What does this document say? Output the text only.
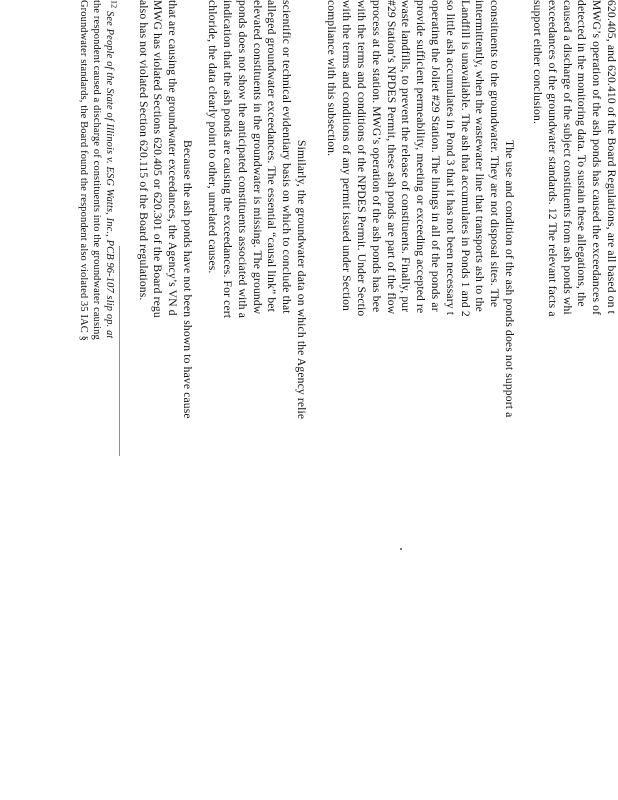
620.405, and 620.410 of the Board Regulations, are all based on t
MWG’s operation of the ash ponds has caused the exceedances of
detected in the monitoring data. To sustain these allegations, the
caused a discharge of the subject constituents from ash ponds whi
exceedances of the groundwater standards. 12 The relevant facts a
support either conclusion.
The use and condition of the ash ponds does not support a
constituents to the groundwater. They are not disposal sites. The
intermittently, when the wastewater line that transports ash to the
Landfill is unavailable. The ash that accumulates in Ponds 1 and 2
so little ash accumulates in Pond 3 that it has not been necessary t
operating the Joliet #29 Station. The linings in all of the ponds ar
provide sufficient permeability, meeting or exceeding accepted re
waste landfills, to prevent the release of constituents. Finally, pur
#29 Station’s NPDES Permit, these ash ponds are part of the flow
process at the station. MWG’s operation of the ash ponds has bee
with the terms and conditions of the NPDES Permit. Under Sectio
with the terms and conditions of any permit issued under Section
compliance with this subsection.
Similarly, the groundwater data on which the Agency relie
scientific or technical evidentiary basis on which to conclude that
alleged groundwater exceedances. The essential “causal link” bet
elevated constituents in the groundwater is missing. The groundw
ponds does not show the anticipated constituents associated with a
indication that the ash ponds are causing the exceedances. For cert
chloride, the data clearly point to other, unrelated causes.
Because the ash ponds have not been shown to have cause
that are causing the groundwater exceedances, the Agency’s VN d
MWG has violated Sections 620.405 or 620.301 of the Board regu
also has not violated Section 620.115 of the Board regulations.
$^{12}$ See People of the State of Illinois v. ESG Watts, Inc., PCB 96-107 slip op. at
the respondent caused a discharge of constituents into the groundwater causing
Groundwater standards, the Board found the respondent also violated 35 IAC §
